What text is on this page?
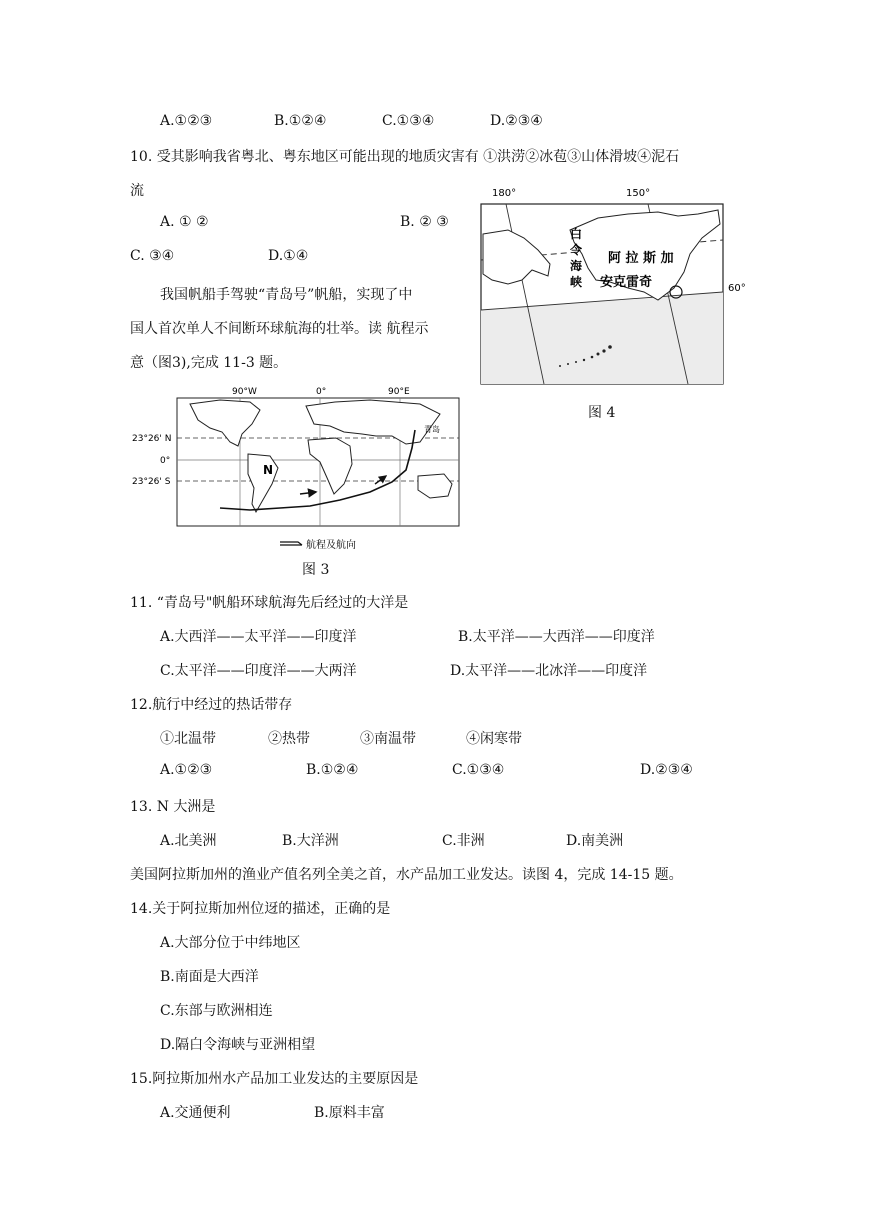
A.①②③	B.①②④	C.①③④	D.②③④
10. 受其影响我省粤北、粤东地区可能出现的地质灾害有 ①洪涝②冰苞③山体滑坡④泥石
流
A. ① ②	B. ② ③
C. ③④	D.①④
我国帆船手驾驶“青岛号”帆船，实现了中
国人首次单人不间断环球航海的壮举。读 航程示
意（图3),完成 11-3 题。
90°W	0°	90°E
23°26' N
0°
23°26' S
N
青岛
航程及航向
图 3
180°	150°
60°
白
令
海
峡
阿 拉 斯 加
安克雷奇
图 4
11. “青岛号"帆船环球航海先后经过的大洋是
A.大西洋——太平洋——印度洋	B.太平洋——大西洋——印度洋
C.太平洋——印度洋——大两洋	D.太平洋——北冰洋——印度洋
12.航行中经过的热话带存
①北温带	②热带	③南温带	④闲寒带
A.①②③	B.①②④	C.①③④	D.②③④
13. N 大洲是
A.北美洲	B.大洋洲	C.非洲	D.南美洲
美国阿拉斯加州的渔业产值名列全美之首，水产品加工业发达。读图 4，完成 14-15 题。
14.关于阿拉斯加州位迓的描述，正确的是
A.大部分位于中纬地区
B.南面是大西洋
C.东部与欧洲相连
D.隔白令海峡与亚洲相望
15.阿拉斯加州水产品加工业发达的主要原因是
A.交通便利	B.原料丰富
